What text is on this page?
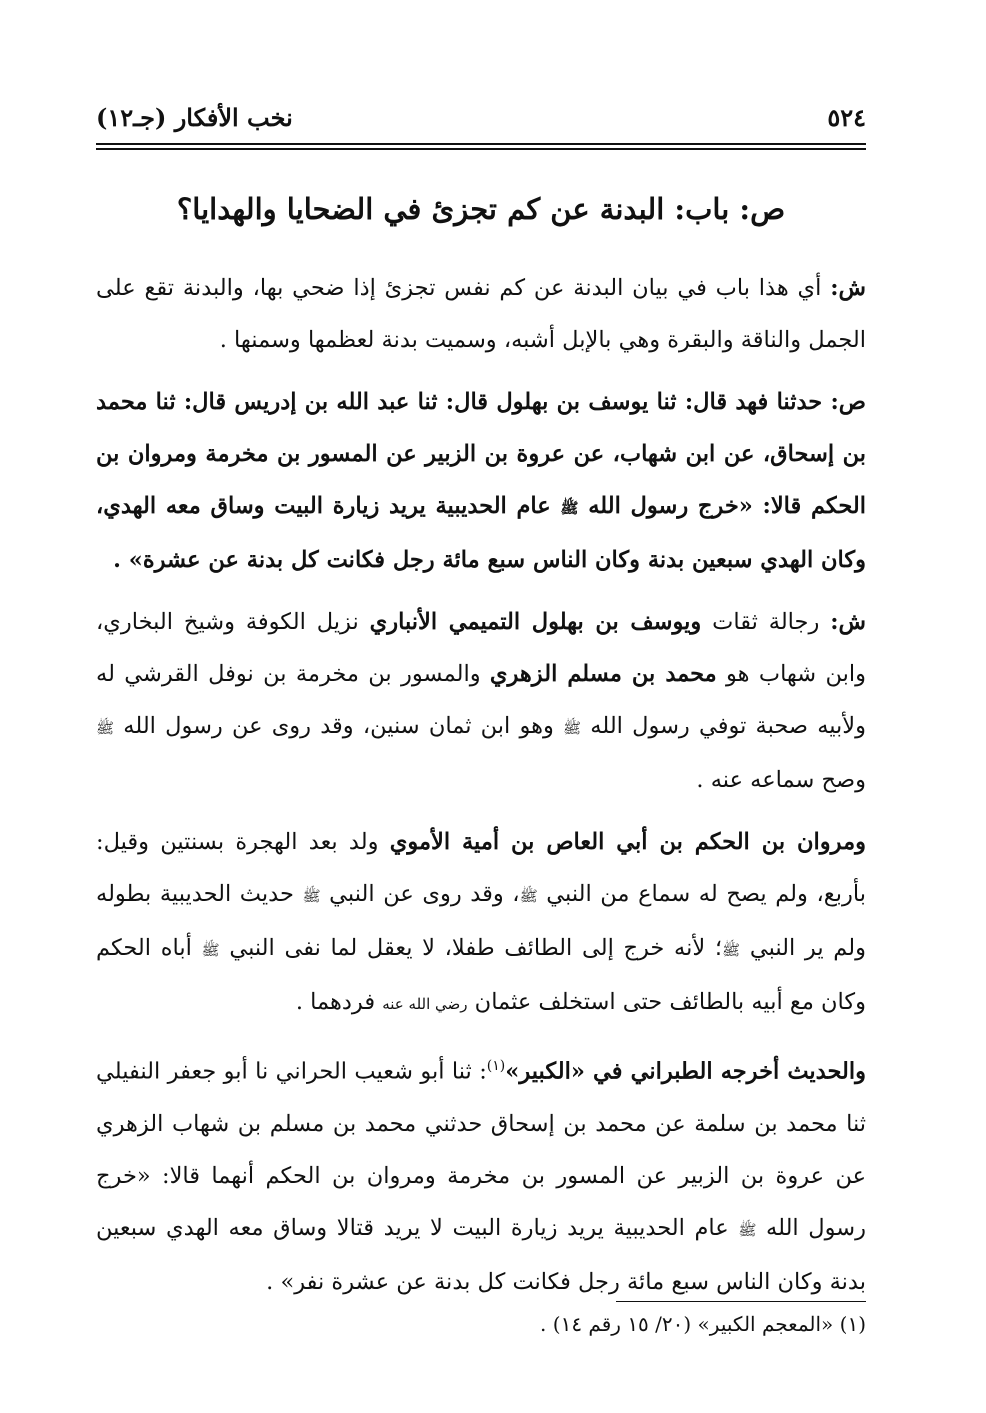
٥٢٤
نخب الأفكار (جـ١٢)
ص: باب: البدنة عن كم تجزئ في الضحايا والهدايا؟

ش: أي هذا باب في بيان البدنة عن كم نفس تجزئ إذا ضحي بها، والبدنة تقع على الجمل والناقة والبقرة وهي بالإبل أشبه، وسميت بدنة لعظمها وسمنها .

ص: حدثنا فهد قال: ثنا يوسف بن بهلول قال: ثنا عبد الله بن إدريس قال: ثنا محمد بن إسحاق، عن ابن شهاب، عن عروة بن الزبير عن المسور بن مخرمة ومروان بن الحكم قالا: «خرج رسول الله ﷺ عام الحديبية يريد زيارة البيت وساق معه الهدي، وكان الهدي سبعين بدنة وكان الناس سبع مائة رجل فكانت كل بدنة عن عشرة» .

ش: رجالة ثقات ويوسف بن بهلول التميمي الأنباري نزيل الكوفة وشيخ البخاري، وابن شهاب هو محمد بن مسلم الزهري والمسور بن مخرمة بن نوفل القرشي له ولأبيه صحبة توفي رسول الله ﷺ وهو ابن ثمان سنين، وقد روى عن رسول الله ﷺ وصح سماعه عنه .

ومروان بن الحكم بن أبي العاص بن أمية الأموي ولد بعد الهجرة بسنتين وقيل: بأربع، ولم يصح له سماع من النبي ﷺ، وقد روى عن النبي ﷺ حديث الحديبية بطوله ولم ير النبي ﷺ؛ لأنه خرج إلى الطائف طفلا، لا يعقل لما نفى النبي ﷺ أباه الحكم وكان مع أبيه بالطائف حتى استخلف عثمان رضي الله عنه فردهما .

والحديث أخرجه الطبراني في «الكبير»$^{(١)}$: ثنا أبو شعيب الحراني نا أبو جعفر النفيلي ثنا محمد بن سلمة عن محمد بن إسحاق حدثني محمد بن مسلم بن شهاب الزهري عن عروة بن الزبير عن المسور بن مخرمة ومروان بن الحكم أنهما قالا: «خرج رسول الله ﷺ عام الحديبية يريد زيارة البيت لا يريد قتالا وساق معه الهدي سبعين بدنة وكان الناس سبع مائة رجل فكانت كل بدنة عن عشرة نفر» .

(١) «المعجم الكبير» (٢٠/ ١٥ رقم ١٤) .
